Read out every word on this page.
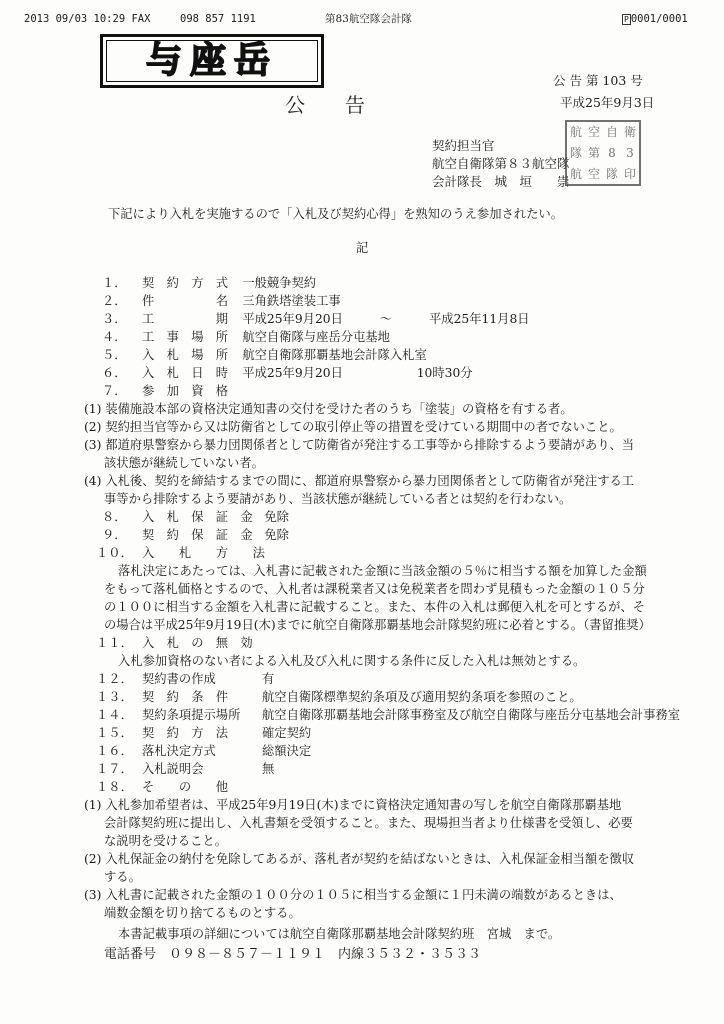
2013 09/03 10:29 FAX	098 857 1191	第83航空隊会計隊	P 0001/0001
与座岳	公 告 第 103 号
公　　告	平成25年9月3日
契約担当官
航空自衛隊第８３航空隊
会計隊長　城　垣　　崇
航 空 自 衛
隊 第 8 3
航 空 隊 印
下記により入札を実施するので「入札及び契約心得」を熟知のうえ参加されたい。
記
１． 契　約　方　式　 一般競争契約
２． 件　　　　　名　 三角鉄塔塗装工事
３． 工　　　　　期　 平成25年9月20日　　　～　　　平成25年11月8日
４． 工　事　場　所　 航空自衛隊与座岳分屯基地
５． 入　札　場　所　 航空自衛隊那覇基地会計隊入札室
６． 入　札　日　時　 平成25年9月20日　　　　　　10時30分
７． 参　加　資　格
(1) 装備施設本部の資格決定通知書の交付を受けた者のうち「塗装」の資格を有する者。
(2) 契約担当官等から又は防衛省としての取引停止等の措置を受けている期間中の者でないこと。
(3) 都道府県警察から暴力団関係者として防衛省が発注する工事等から排除するよう要請があり、当
該状態が継続していない者。
(4) 入札後、契約を締結するまでの間に、都道府県警察から暴力団関係者として防衛省が発注する工
事等から排除するよう要請があり、当該状態が継続している者とは契約を行わない。
８． 入　札　保　証　金　 免除
９． 契　約　保　証　金　 免除
１０． 入　　札　　方　　法
落札決定にあたっては、入札書に記載された金額に当該金額の５％に相当する額を加算した金額
をもって落札価格とするので、入札者は課税業者又は免税業者を問わず見積もった金額の１０５分
の１００に相当する金額を入札書に記載すること。また、本件の入札は郵便入札を可とするが、そ
の場合は平成25年9月19日(木)までに航空自衛隊那覇基地会計隊契約班に必着とする。（書留推奨）
１１． 入　札　の　無　効
入札参加資格のない者による入札及び入札に関する条件に反した入札は無効とする。
１２． 契約書の作成	有
１３． 契　約　条　件	航空自衛隊標準契約条項及び適用契約条項を参照のこと。
１４． 契約条項提示場所 航空自衛隊那覇基地会計隊事務室及び航空自衛隊与座岳分屯基地会計事務室
１５． 契　約　方　法	確定契約
１６． 落札決定方式	総額決定
１７． 入札説明会	無
１８． そ　　の　　他
(1) 入札参加希望者は、平成25年9月19日(木)までに資格決定通知書の写しを航空自衛隊那覇基地
会計隊契約班に提出し、入札書類を受領すること。また、現場担当者より仕様書を受領し、必要
な説明を受けること。
(2) 入札保証金の納付を免除してあるが、落札者が契約を結ばないときは、入札保証金相当額を徴収
する。
(3) 入札書に記載された金額の１００分の１０５に相当する金額に１円未満の端数があるときは、
端数金額を切り捨てるものとする。
本書記載事項の詳細については航空自衛隊那覇基地会計隊契約班　宮城　まで。
電話番号　０９８－８５７－１１９１　内線３５３２・３５３３
